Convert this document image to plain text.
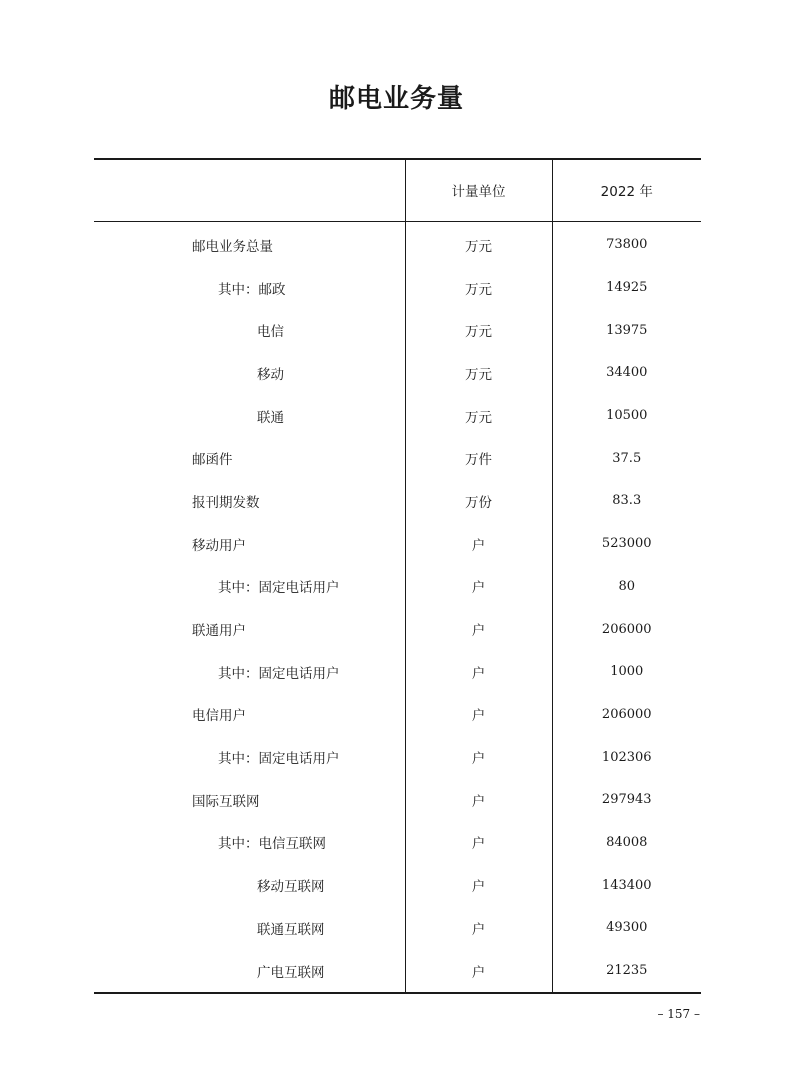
邮电业务量
	计量单位	2022 年
邮电业务总量	万元	73800
其中：邮政	万元	14925
电信	万元	13975
移动	万元	34400
联通	万元	10500
邮函件	万件	37.5
报刊期发数	万份	83.3
移动用户	户	523000
其中：固定电话用户	户	80
联通用户	户	206000
其中：固定电话用户	户	1000
电信用户	户	206000
其中：固定电话用户	户	102306
国际互联网	户	297943
其中：电信互联网	户	84008
移动互联网	户	143400
联通互联网	户	49300
广电互联网	户	21235
– 157 –
